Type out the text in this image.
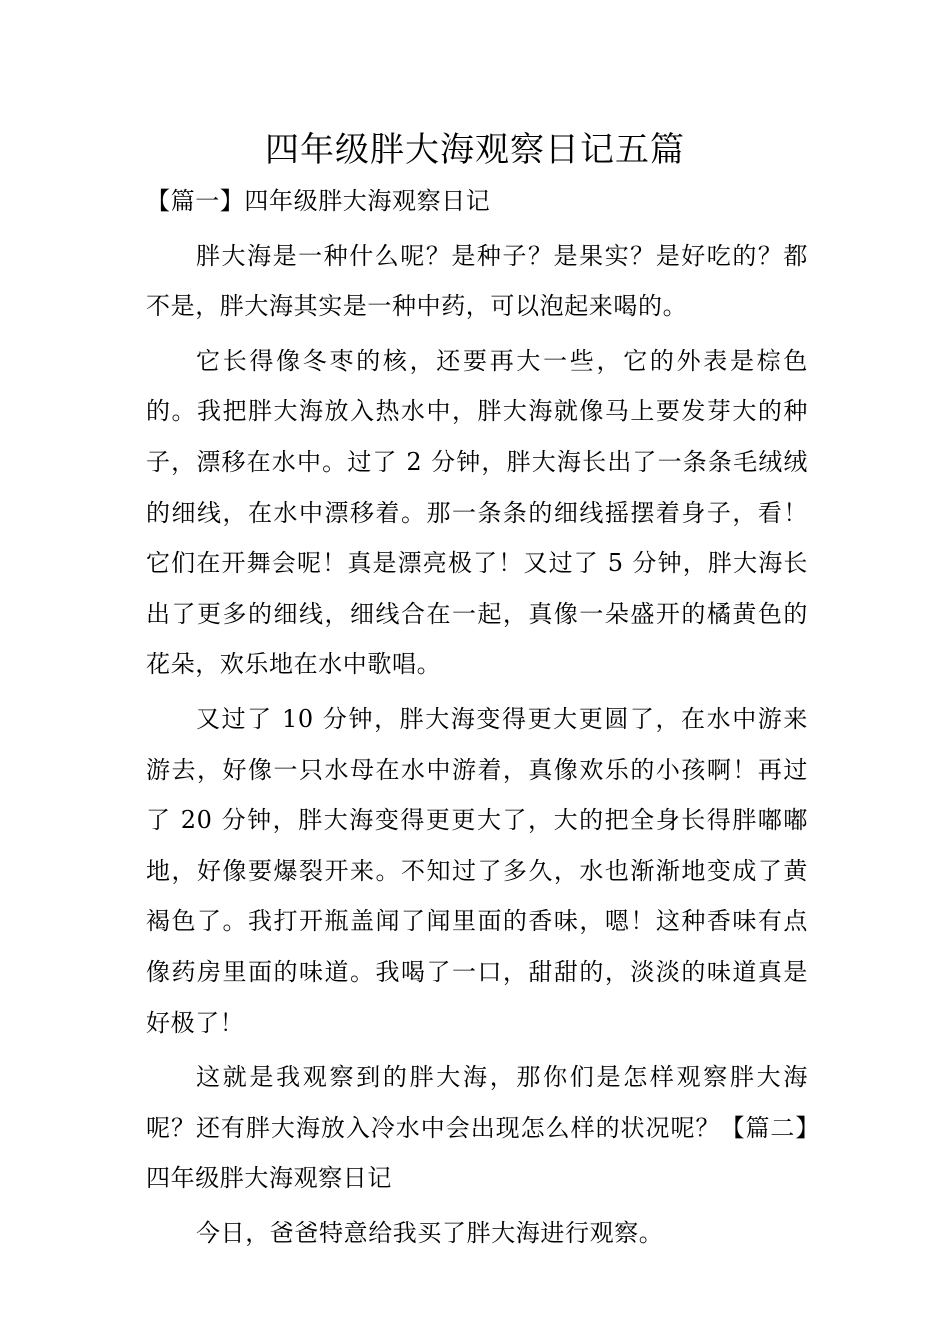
四年级胖大海观察日记五篇

【篇一】四年级胖大海观察日记

胖大海是一种什么呢？是种子？是果实？是好吃的？都不是，胖大海其实是一种中药，可以泡起来喝的。

它长得像冬枣的核，还要再大一些，它的外表是棕色的。我把胖大海放入热水中，胖大海就像马上要发芽大的种子，漂移在水中。过了 2 分钟，胖大海长出了一条条毛绒绒的细线，在水中漂移着。那一条条的细线摇摆着身子，看！它们在开舞会呢！真是漂亮极了！又过了 5 分钟，胖大海长出了更多的细线，细线合在一起，真像一朵盛开的橘黄色的花朵，欢乐地在水中歌唱。

又过了 10 分钟，胖大海变得更大更圆了，在水中游来游去，好像一只水母在水中游着，真像欢乐的小孩啊！再过了 20 分钟，胖大海变得更更大了，大的把全身长得胖嘟嘟地，好像要爆裂开来。不知过了多久，水也渐渐地变成了黄褐色了。我打开瓶盖闻了闻里面的香味，嗯！这种香味有点像药房里面的味道。我喝了一口，甜甜的，淡淡的味道真是好极了！

这就是我观察到的胖大海，那你们是怎样观察胖大海呢？还有胖大海放入冷水中会出现怎么样的状况呢？【篇二】四年级胖大海观察日记

今日，爸爸特意给我买了胖大海进行观察。
